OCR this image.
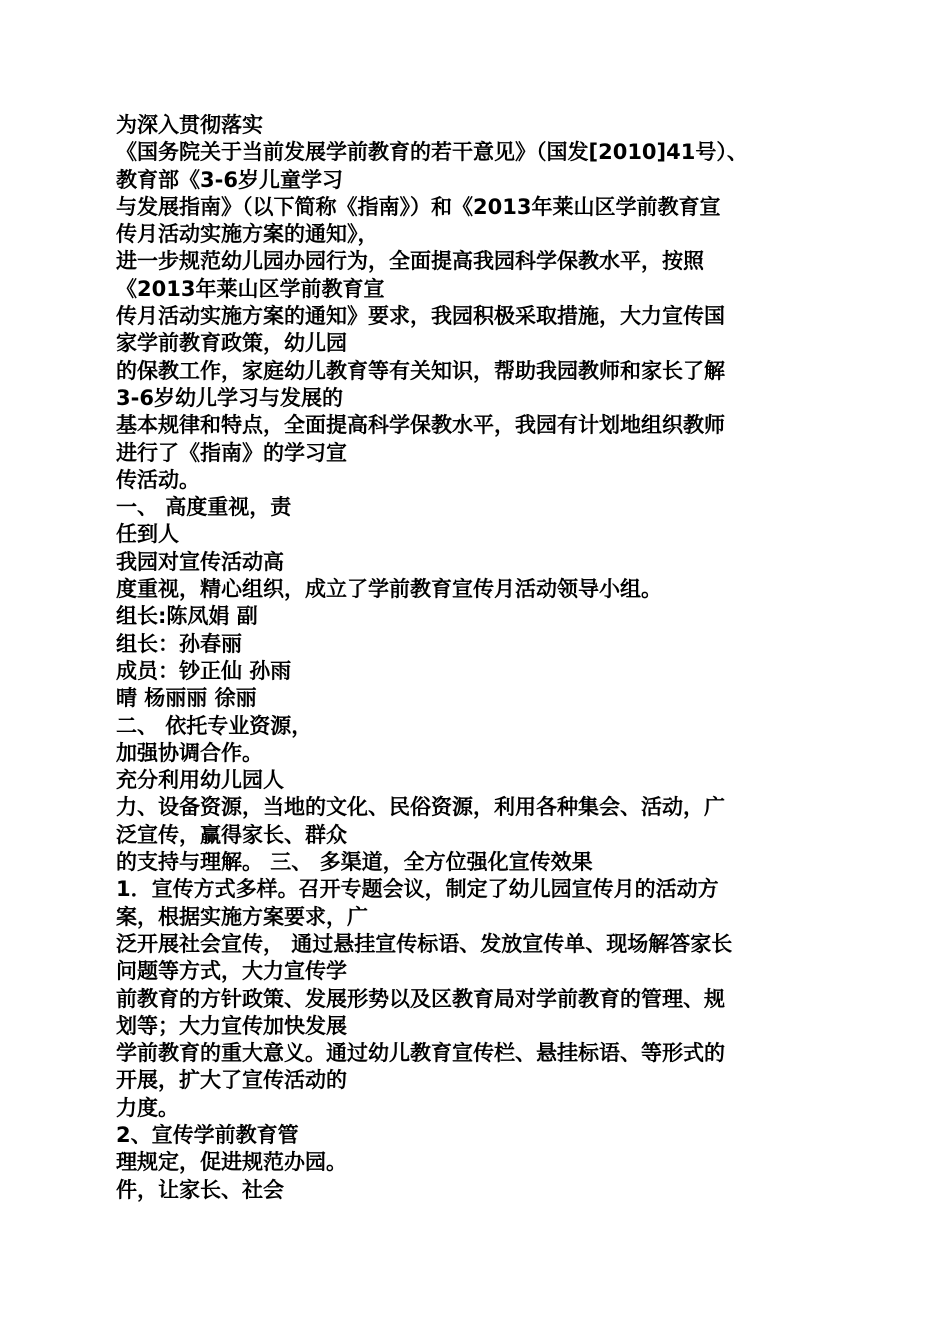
为深入贯彻落实
《国务院关于当前发展学前教育的若干意见》（国发[2010]41号）、
教育部《3-6岁儿童学习
与发展指南》（以下简称《指南》）和《2013年莱山区学前教育宣
传月活动实施方案的通知》，
进一步规范幼儿园办园行为，全面提高我园科学保教水平，按照
《2013年莱山区学前教育宣
传月活动实施方案的通知》要求，我园积极采取措施，大力宣传国
家学前教育政策，幼儿园
的保教工作，家庭幼儿教育等有关知识，帮助我园教师和家长了解
3-6岁幼儿学习与发展的
基本规律和特点，全面提高科学保教水平，我园有计划地组织教师
进行了《指南》的学习宣
传活动。
一、 高度重视，责
任到人
我园对宣传活动高
度重视，精心组织，成立了学前教育宣传月活动领导小组。
组长:陈凤娟 副
组长：孙春丽
成员：钞正仙 孙雨
晴 杨丽丽 徐丽
二、 依托专业资源，
加强协调合作。
充分利用幼儿园人
力、设备资源，当地的文化、民俗资源，利用各种集会、活动，广
泛宣传，赢得家长、群众
的支持与理解。 三、 多渠道，全方位强化宣传效果
1．宣传方式多样。召开专题会议，制定了幼儿园宣传月的活动方
案，根据实施方案要求，广
泛开展社会宣传， 通过悬挂宣传标语、发放宣传单、现场解答家长
问题等方式，大力宣传学
前教育的方针政策、发展形势以及区教育局对学前教育的管理、规
划等；大力宣传加快发展
学前教育的重大意义。通过幼儿教育宣传栏、悬挂标语、等形式的
开展，扩大了宣传活动的
力度。
2、宣传学前教育管
理规定，促进规范办园。
件，让家长、社会
